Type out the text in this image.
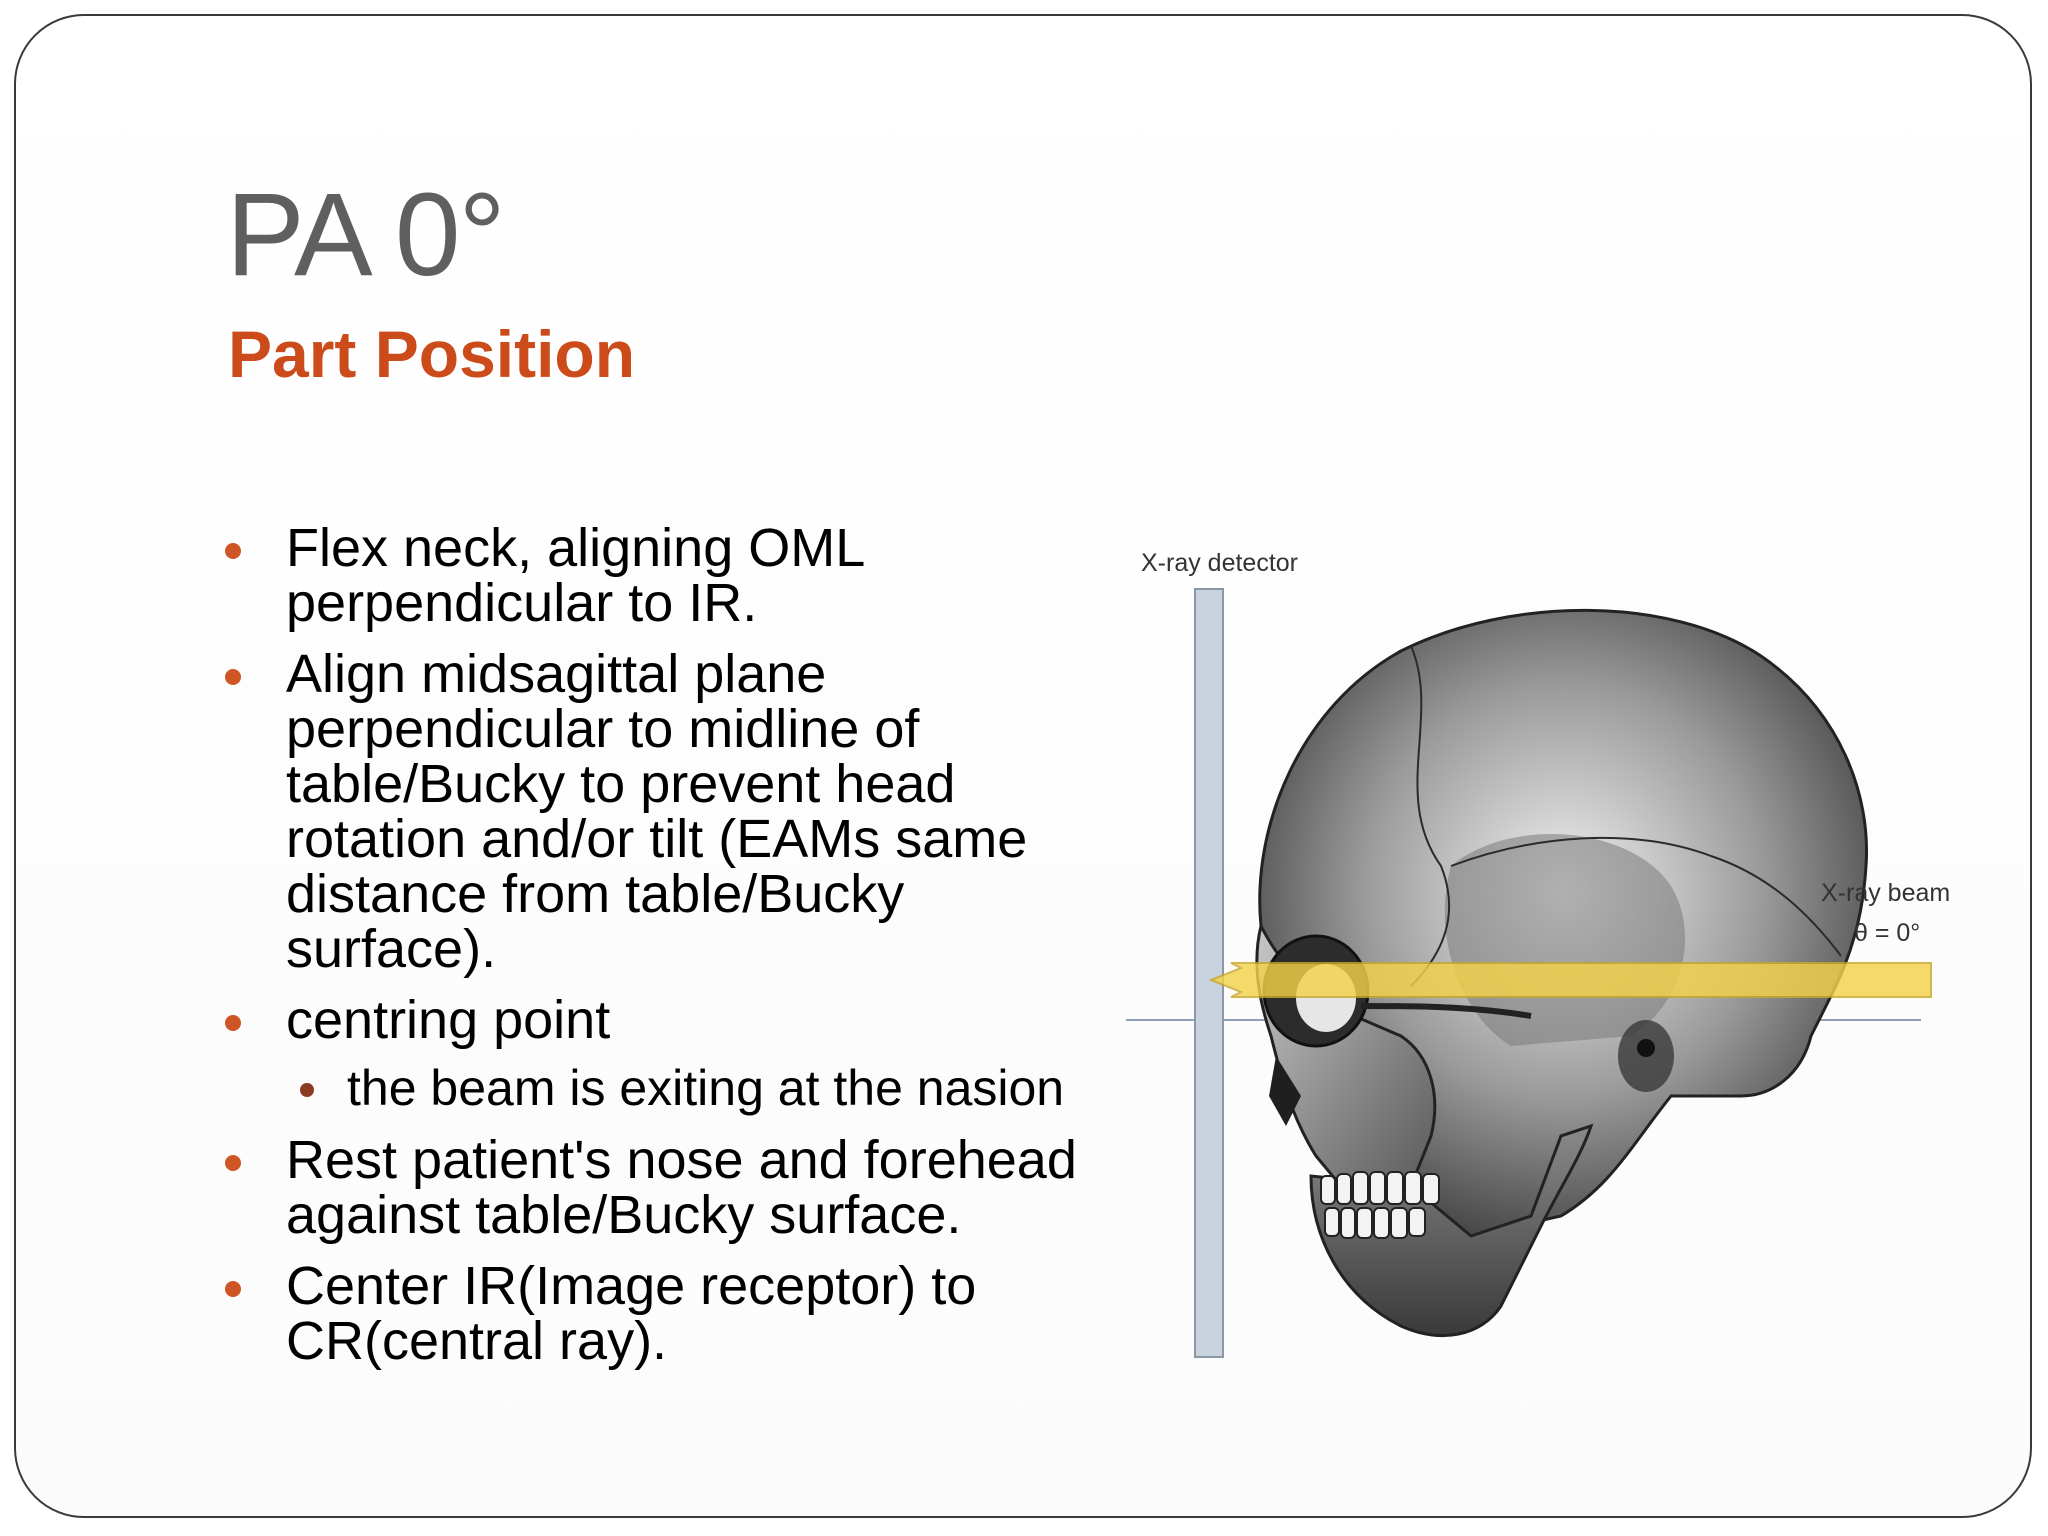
PA 0°
Part Position
Flex neck, aligning OML perpendicular to IR.
Align midsagittal plane perpendicular to midline of table/Bucky to prevent head rotation and/or tilt (EAMs same distance from table/Bucky surface).
centring point
the beam is exiting at the nasion
Rest patient's nose and forehead against table/Bucky surface.
Center IR(Image receptor) to CR(central ray).
X-ray detector
X-ray beam
θ = 0°
